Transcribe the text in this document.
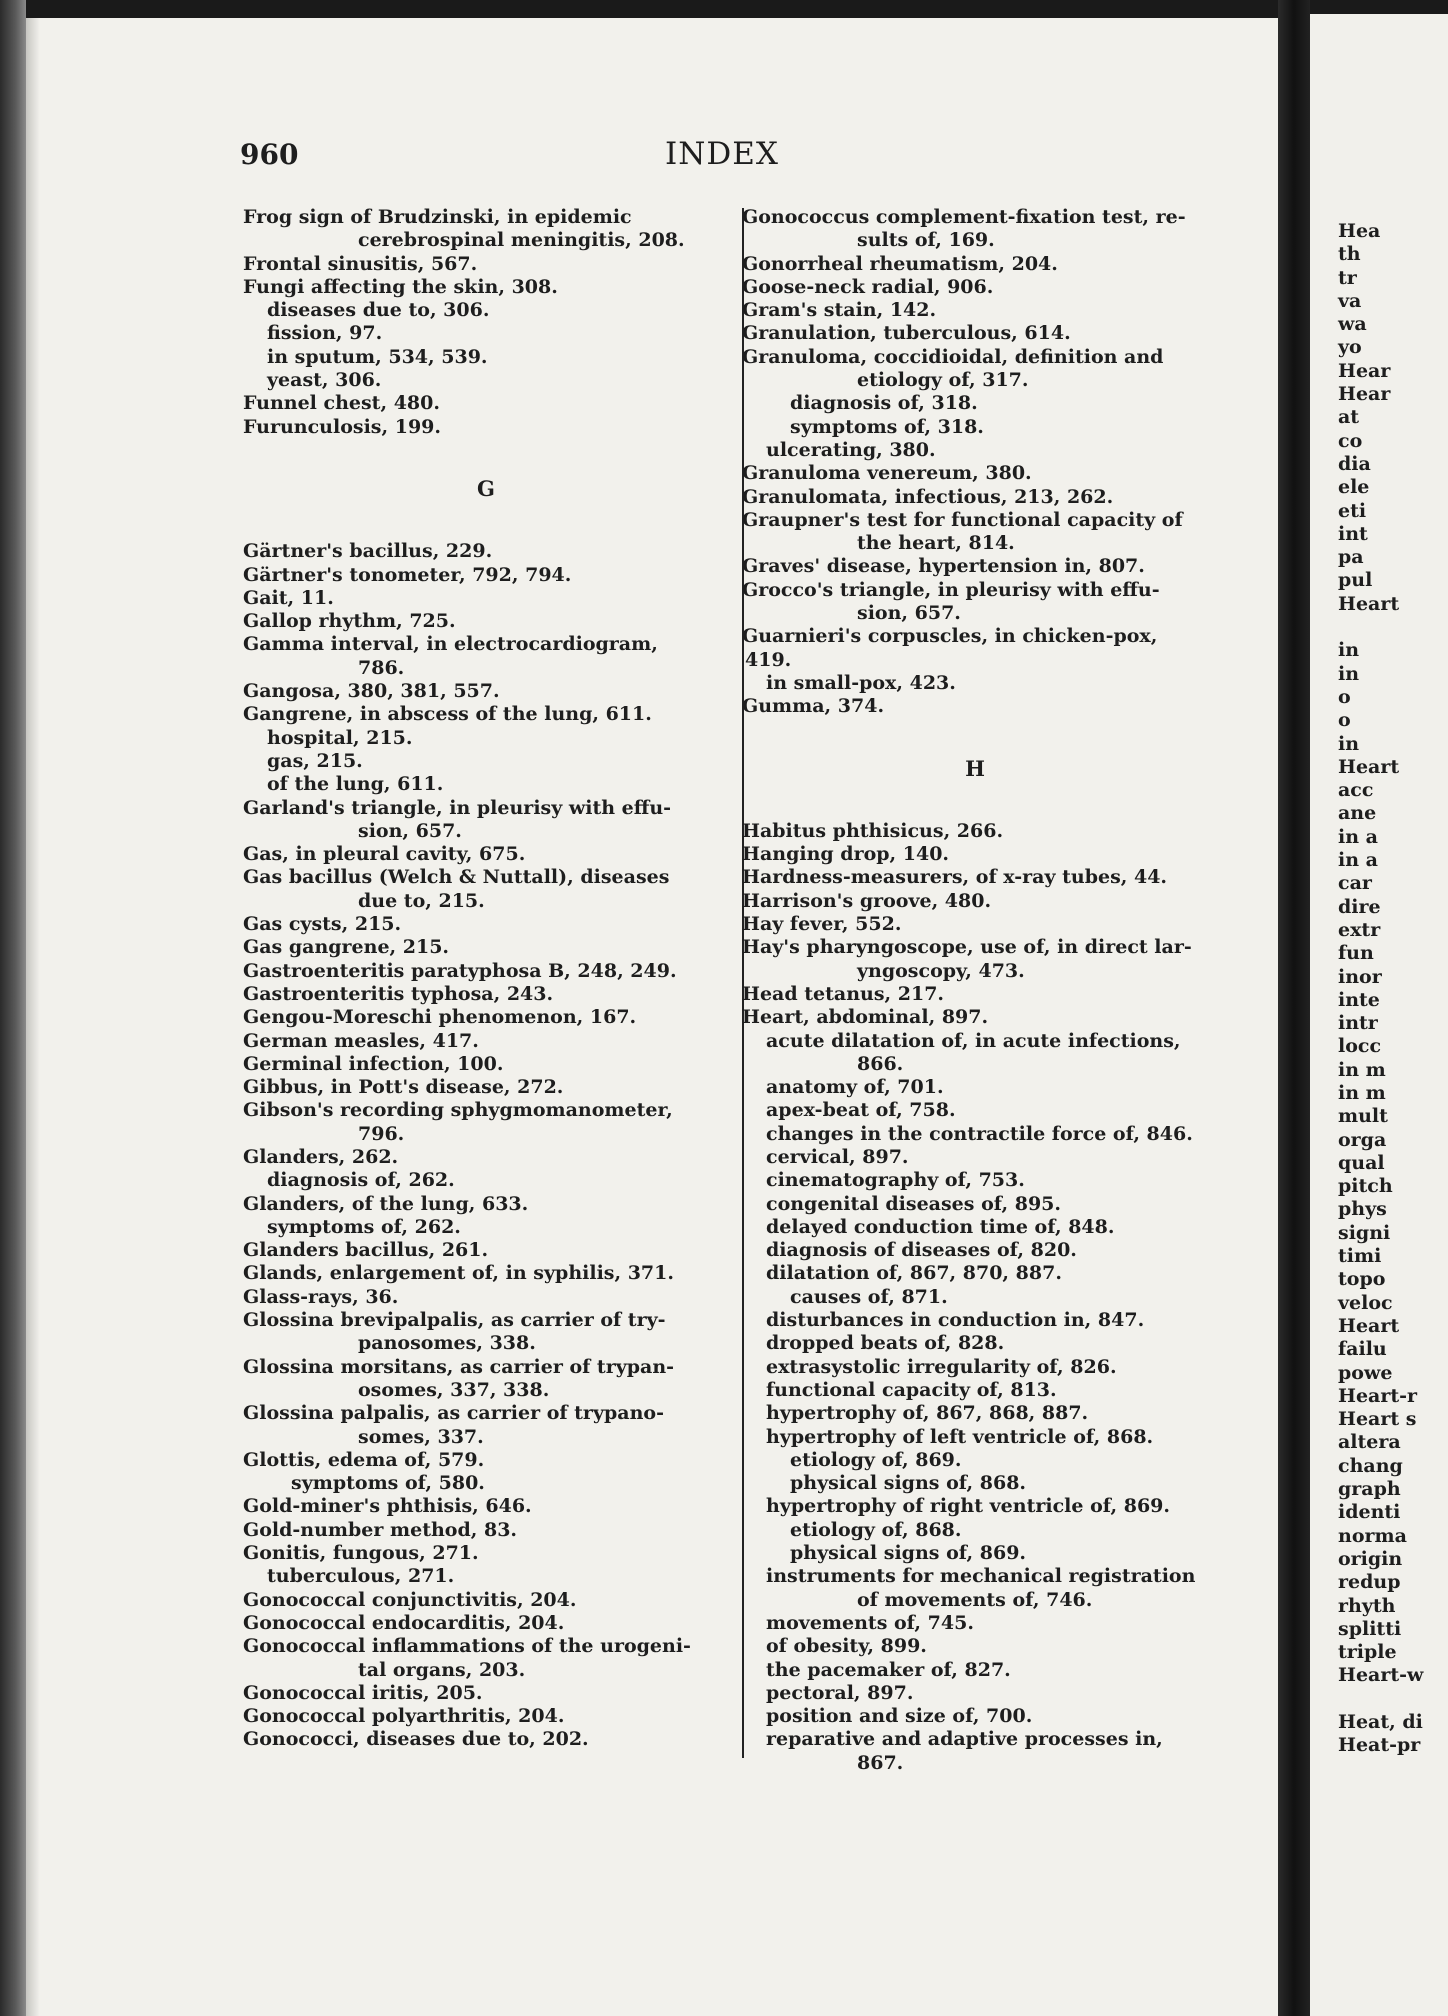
Hea
th
tr
va
wa
yo
Hear
Hear
at
co
dia
ele
eti
int
pa
pul
Heart

in
in
o
o
in
Heart
acc
ane
in a
in a
car
dire
extr
fun
inor
inte
intr
locc
in m
in m
mult
orga
qual
pitch
phys
signi
timi
topo
veloc
Heart
failu
powe
Heart-r
Heart s
altera
chang
graph
identi
norma
origin
redup
rhyth
splitti
triple
Heart-w

Heat, di
Heat-pr
960	INDEX
Frog sign of Brudzinski, in epidemic
cerebrospinal meningitis, 208.
Frontal sinusitis, 567.
Fungi affecting the skin, 308.
diseases due to, 306.
fission, 97.
in sputum, 534, 539.
yeast, 306.
Funnel chest, 480.
Furunculosis, 199.
G
Gärtner's bacillus, 229.
Gärtner's tonometer, 792, 794.
Gait, 11.
Gallop rhythm, 725.
Gamma interval, in electrocardiogram,
786.
Gangosa, 380, 381, 557.
Gangrene, in abscess of the lung, 611.
hospital, 215.
gas, 215.
of the lung, 611.
Garland's triangle, in pleurisy with effu-
sion, 657.
Gas, in pleural cavity, 675.
Gas bacillus (Welch & Nuttall), diseases
due to, 215.
Gas cysts, 215.
Gas gangrene, 215.
Gastroenteritis paratyphosa B, 248, 249.
Gastroenteritis typhosa, 243.
Gengou-Moreschi phenomenon, 167.
German measles, 417.
Germinal infection, 100.
Gibbus, in Pott's disease, 272.
Gibson's recording sphygmomanometer,
796.
Glanders, 262.
diagnosis of, 262.
Glanders, of the lung, 633.
symptoms of, 262.
Glanders bacillus, 261.
Glands, enlargement of, in syphilis, 371.
Glass-rays, 36.
Glossina brevipalpalis, as carrier of try-
panosomes, 338.
Glossina morsitans, as carrier of trypan-
osomes, 337, 338.
Glossina palpalis, as carrier of trypano-
somes, 337.
Glottis, edema of, 579.
symptoms of, 580.
Gold-miner's phthisis, 646.
Gold-number method, 83.
Gonitis, fungous, 271.
tuberculous, 271.
Gonococcal conjunctivitis, 204.
Gonococcal endocarditis, 204.
Gonococcal inflammations of the urogeni-
tal organs, 203.
Gonococcal iritis, 205.
Gonococcal polyarthritis, 204.
Gonococci, diseases due to, 202.
Gonococcus complement-fixation test, re-
sults of, 169.
Gonorrheal rheumatism, 204.
Goose-neck radial, 906.
Gram's stain, 142.
Granulation, tuberculous, 614.
Granuloma, coccidioidal, definition and
etiology of, 317.
diagnosis of, 318.
symptoms of, 318.
ulcerating, 380.
Granuloma venereum, 380.
Granulomata, infectious, 213, 262.
Graupner's test for functional capacity of
the heart, 814.
Graves' disease, hypertension in, 807.
Grocco's triangle, in pleurisy with effu-
sion, 657.
Guarnieri's corpuscles, in chicken-pox, 419.
in small-pox, 423.
Gumma, 374.
H
Habitus phthisicus, 266.
Hanging drop, 140.
Hardness-measurers, of x-ray tubes, 44.
Harrison's groove, 480.
Hay fever, 552.
Hay's pharyngoscope, use of, in direct lar-
yngoscopy, 473.
Head tetanus, 217.
Heart, abdominal, 897.
acute dilatation of, in acute infections,
866.
anatomy of, 701.
apex-beat of, 758.
changes in the contractile force of, 846.
cervical, 897.
cinematography of, 753.
congenital diseases of, 895.
delayed conduction time of, 848.
diagnosis of diseases of, 820.
dilatation of, 867, 870, 887.
causes of, 871.
disturbances in conduction in, 847.
dropped beats of, 828.
extrasystolic irregularity of, 826.
functional capacity of, 813.
hypertrophy of, 867, 868, 887.
hypertrophy of left ventricle of, 868.
etiology of, 869.
physical signs of, 868.
hypertrophy of right ventricle of, 869.
etiology of, 868.
physical signs of, 869.
instruments for mechanical registration
of movements of, 746.
movements of, 745.
of obesity, 899.
the pacemaker of, 827.
pectoral, 897.
position and size of, 700.
reparative and adaptive processes in,
867.
